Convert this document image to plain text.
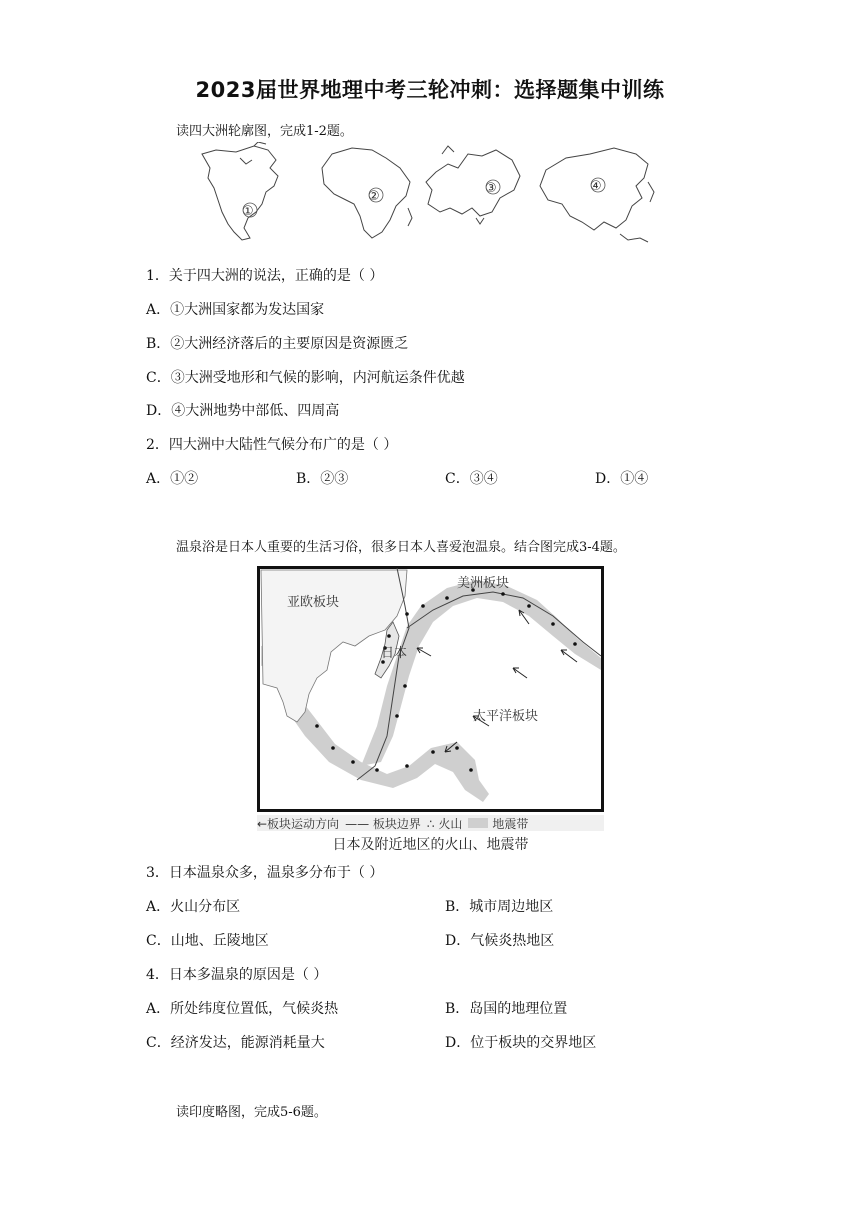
2023届世界地理中考三轮冲刺：选择题集中训练
读四大洲轮廓图，完成1-2题。
①
②
③	④
1．关于四大洲的说法，正确的是（ ）
A．①大洲国家都为发达国家
B．②大洲经济落后的主要原因是资源匮乏
C．③大洲受地形和气候的影响，内河航运条件优越
D．④大洲地势中部低、四周高
2．四大洲中大陆性气候分布广的是（ ）
A．①②	B．②③	C．③④	D．①④
温泉浴是日本人重要的生活习俗，很多日本人喜爱泡温泉。结合图完成3-4题。
亚欧板块
美洲板块
日本
太平洋板块
←板块运动方向 —— 板块边界 ∴ 火山	地震带
日本及附近地区的火山、地震带
3．日本温泉众多，温泉多分布于（ ）
A．火山分布区	B．城市周边地区
C．山地、丘陵地区	D．气候炎热地区
4．日本多温泉的原因是（ ）
A．所处纬度位置低，气候炎热	B．岛国的地理位置
C．经济发达，能源消耗量大	D．位于板块的交界地区
读印度略图，完成5-6题。
